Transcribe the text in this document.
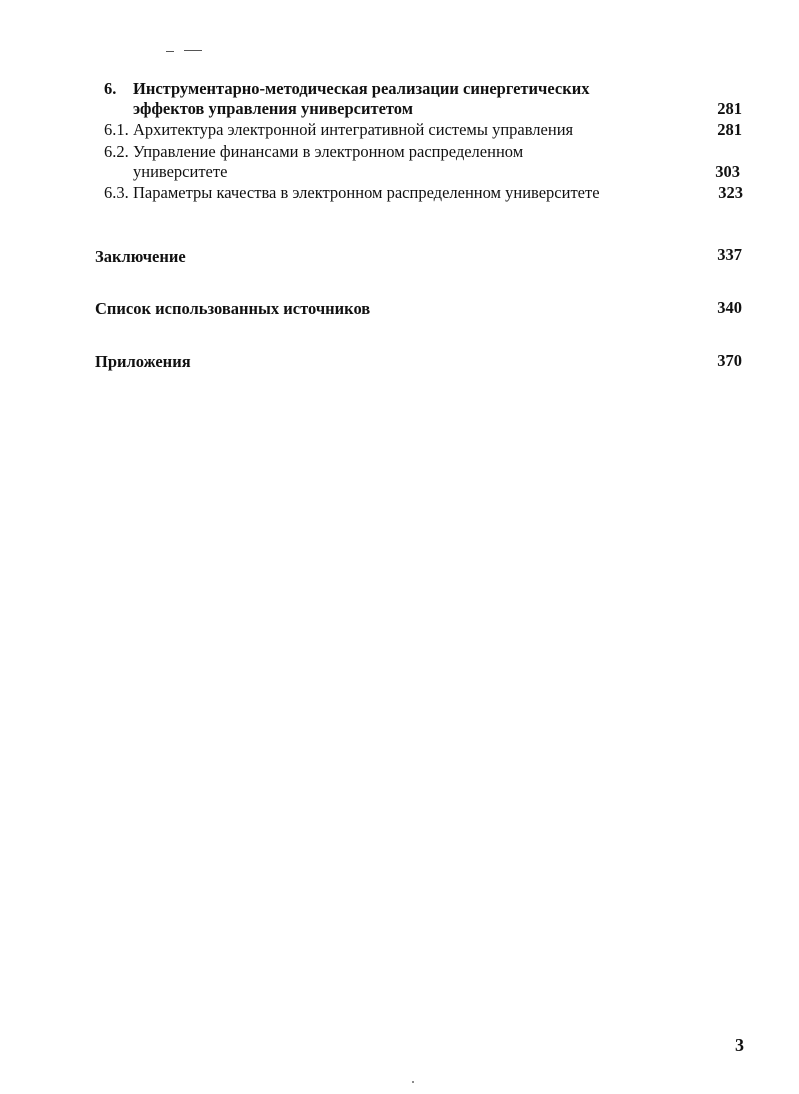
6. Инструментарно-методическая реализации синергетических
эффектов управления университетом	281
6.1. Архитектура электронной интегративной системы управления	281
6.2. Управление финансами в электронном распределенном
университете	303
6.3. Параметры качества в электронном распределенном университете	323
Заключение	337
Список использованных источников	340
Приложения	370
3
